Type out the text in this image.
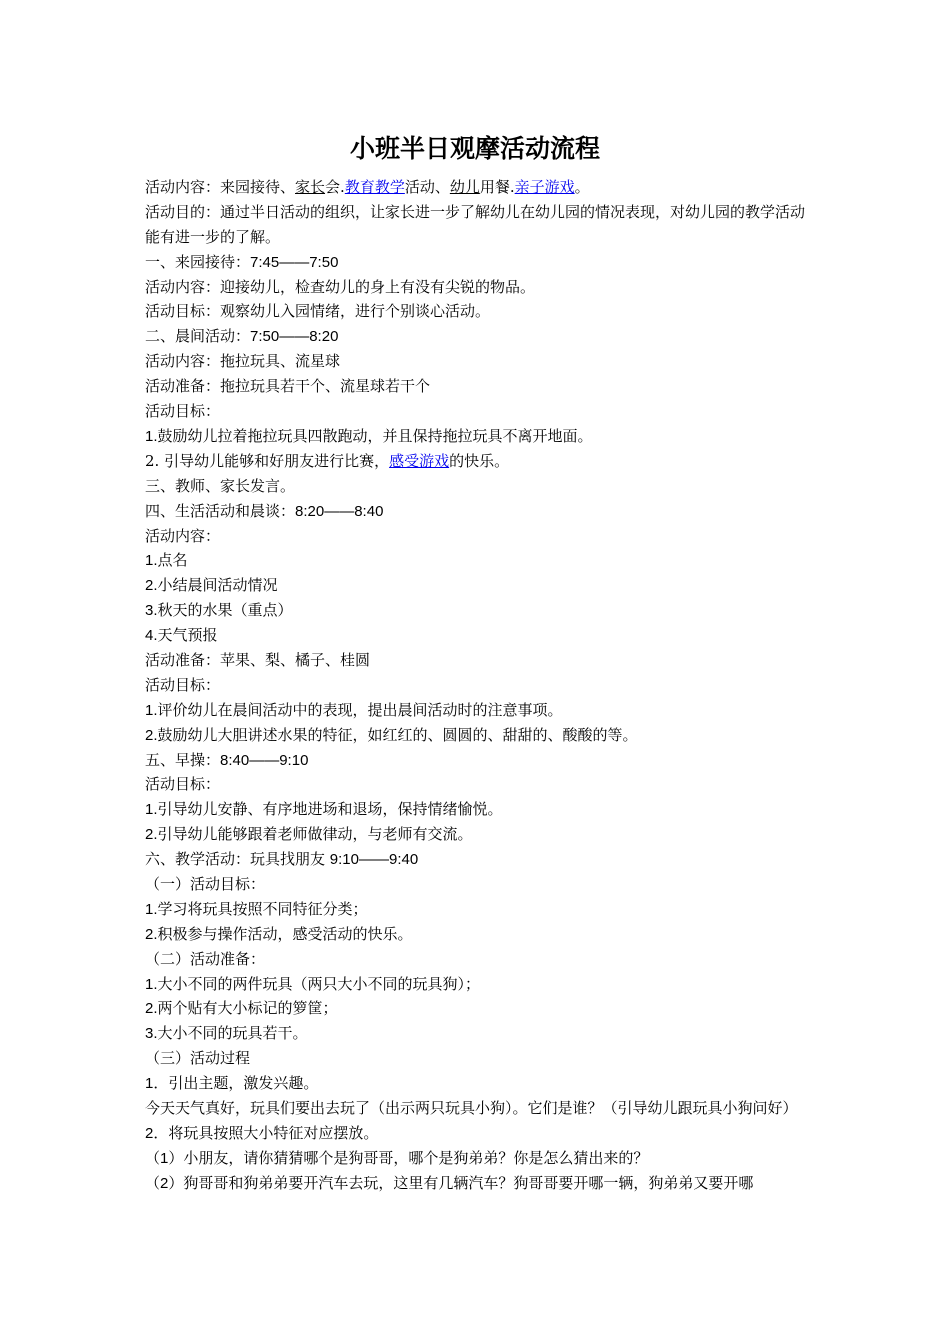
小班半日观摩活动流程
活动内容：来园接待、家长会.教育教学活动、幼儿用餐.亲子游戏。
活动目的：通过半日活动的组织，让家长进一步了解幼儿在幼儿园的情况表现，对幼儿园的教学活动能有进一步的了解。
一、来园接待：7:45——7:50
活动内容：迎接幼儿，检查幼儿的身上有没有尖锐的物品。
活动目标：观察幼儿入园情绪，进行个别谈心活动。
二、晨间活动：7:50——8:20
活动内容：拖拉玩具、流星球
活动准备：拖拉玩具若干个、流星球若干个
活动目标：
1.鼓励幼儿拉着拖拉玩具四散跑动，并且保持拖拉玩具不离开地面。
2. 引导幼儿能够和好朋友进行比赛，感受游戏的快乐。
三、教师、家长发言。
四、生活活动和晨谈：8:20——8:40
活动内容：
1.点名
2.小结晨间活动情况
3.秋天的水果（重点）
4.天气预报
活动准备：苹果、梨、橘子、桂圆
活动目标：
1.评价幼儿在晨间活动中的表现，提出晨间活动时的注意事项。
2.鼓励幼儿大胆讲述水果的特征，如红红的、圆圆的、甜甜的、酸酸的等。
五、早操：8:40——9:10
活动目标：
1.引导幼儿安静、有序地进场和退场，保持情绪愉悦。
2.引导幼儿能够跟着老师做律动，与老师有交流。
六、教学活动：玩具找朋友 9:10——9:40
（一）活动目标：
1.学习将玩具按照不同特征分类；
2.积极参与操作活动，感受活动的快乐。
（二）活动准备：
1.大小不同的两件玩具（两只大小不同的玩具狗）；
2.两个贴有大小标记的箩筐；
3.大小不同的玩具若干。
（三）活动过程
1．引出主题，激发兴趣。
今天天气真好，玩具们要出去玩了（出示两只玩具小狗）。它们是谁？（引导幼儿跟玩具小狗问好）
2．将玩具按照大小特征对应摆放。
（1）小朋友，请你猜猜哪个是狗哥哥，哪个是狗弟弟？你是怎么猜出来的？
（2）狗哥哥和狗弟弟要开汽车去玩，这里有几辆汽车？狗哥哥要开哪一辆，狗弟弟又要开哪
